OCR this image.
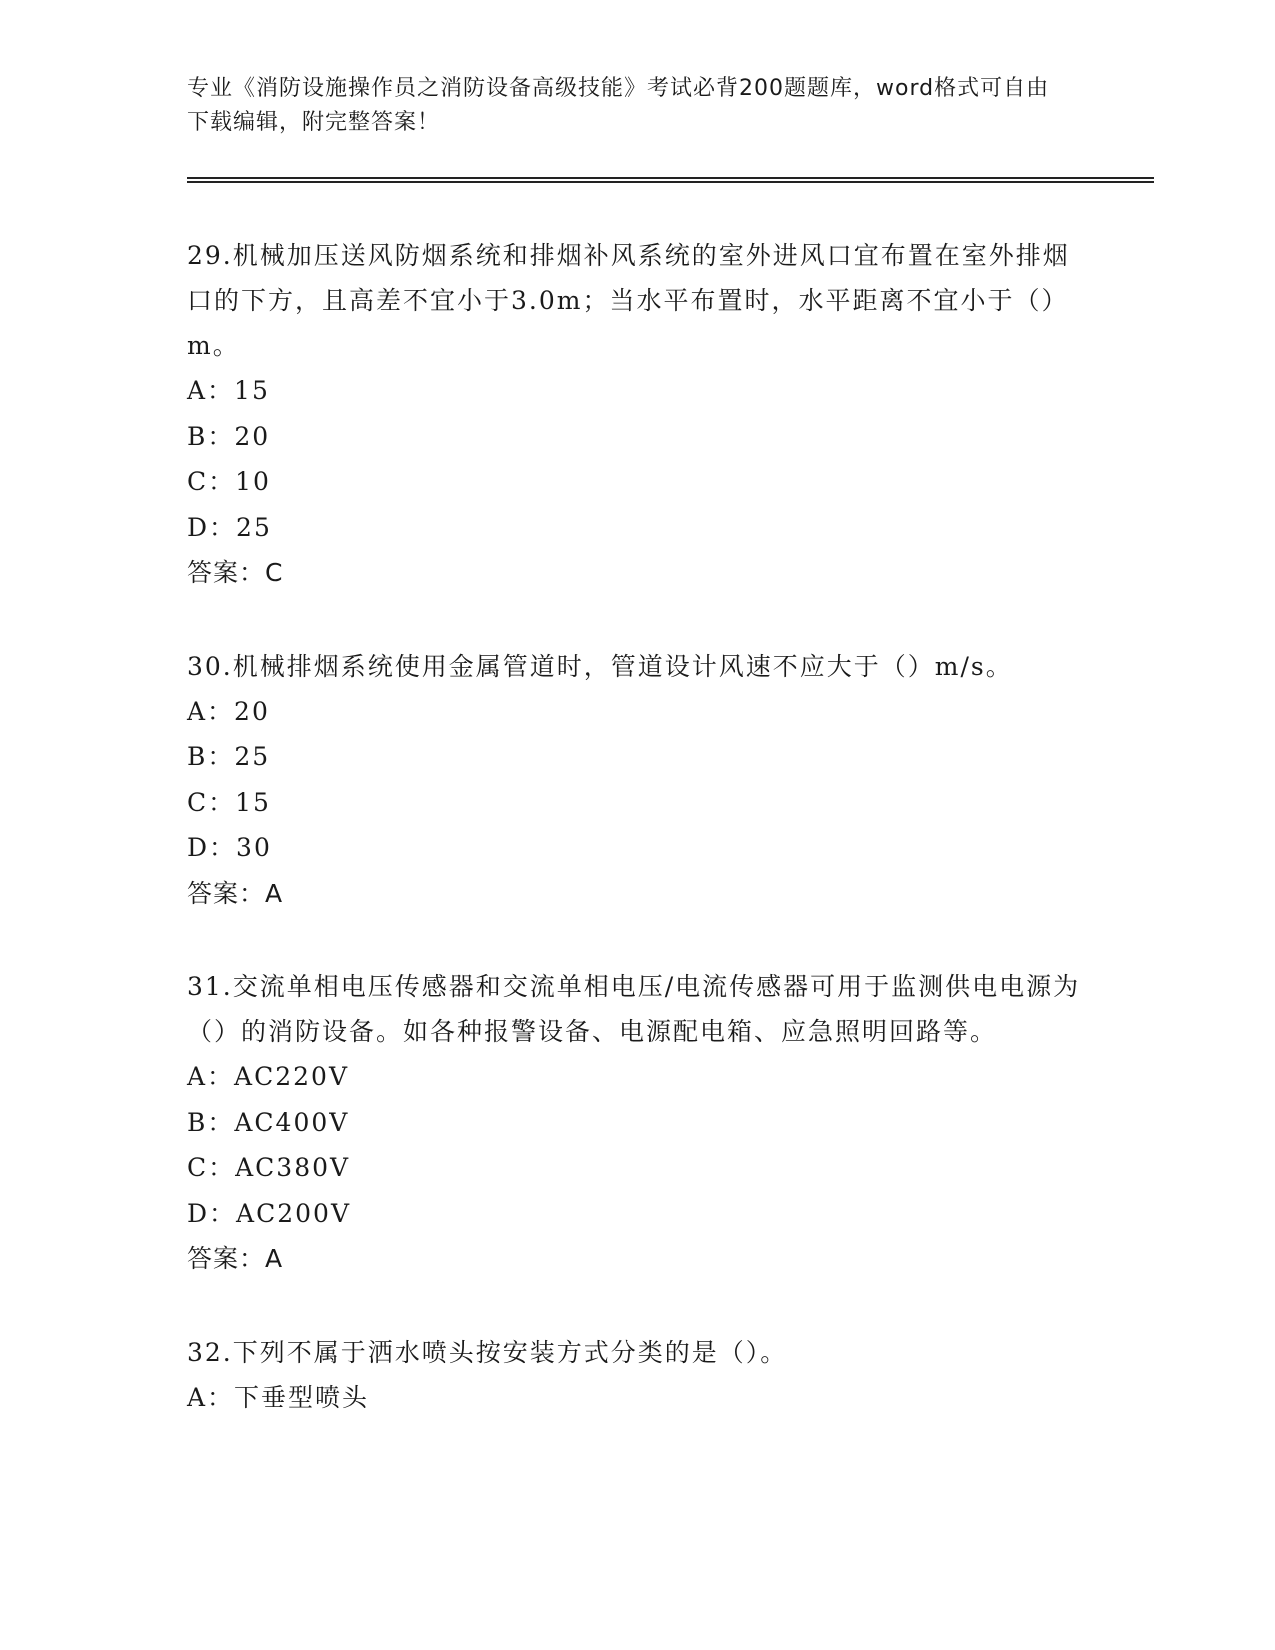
专业《消防设施操作员之消防设备高级技能》考试必背200题题库，word格式可自由下载编辑，附完整答案！

29.机械加压送风防烟系统和排烟补风系统的室外进风口宜布置在室外排烟口的下方，且高差不宜小于3.0m；当水平布置时，水平距离不宜小于（）m。

A：15

B：20

C：10

D：25

答案：C

30.机械排烟系统使用金属管道时，管道设计风速不应大于（）m/s。

A：20

B：25

C：15

D：30

答案：A

31.交流单相电压传感器和交流单相电压/电流传感器可用于监测供电电源为（）的消防设备。如各种报警设备、电源配电箱、应急照明回路等。

A：AC220V

B：AC400V

C：AC380V

D：AC200V

答案：A

32.下列不属于洒水喷头按安装方式分类的是（）。

A：下垂型喷头
